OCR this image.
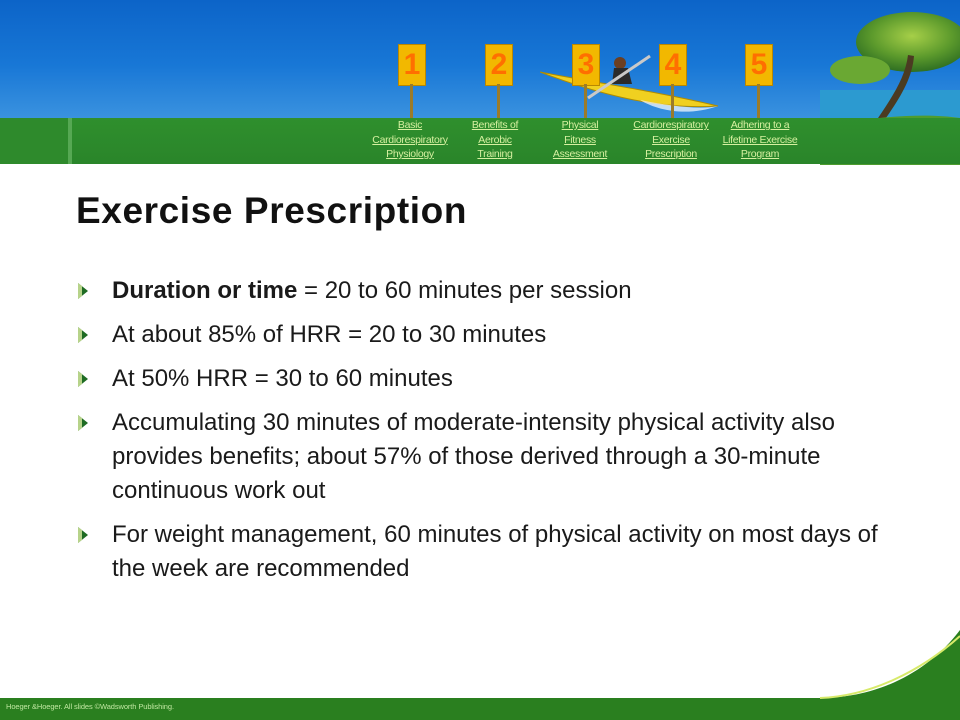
1 2 3 4 5
Basic
Cardiorespiratory
Physiology
Benefits of
Aerobic
Training
Physical
Fitness
Assessment
Cardiorespiratory
Exercise
Prescription
Adhering to a
Lifetime Exercise
Program
Exercise Prescription
Duration or time = 20 to 60 minutes per session
At about 85% of HRR = 20 to 30 minutes
At 50% HRR = 30 to 60 minutes
Accumulating 30 minutes of moderate-intensity physical activity also provides benefits; about 57% of those derived through a 30-minute continuous work out
For weight management, 60 minutes of physical activity on most days of the week are recommended
Hoeger &Hoeger. All slides ©Wadsworth Publishing.
